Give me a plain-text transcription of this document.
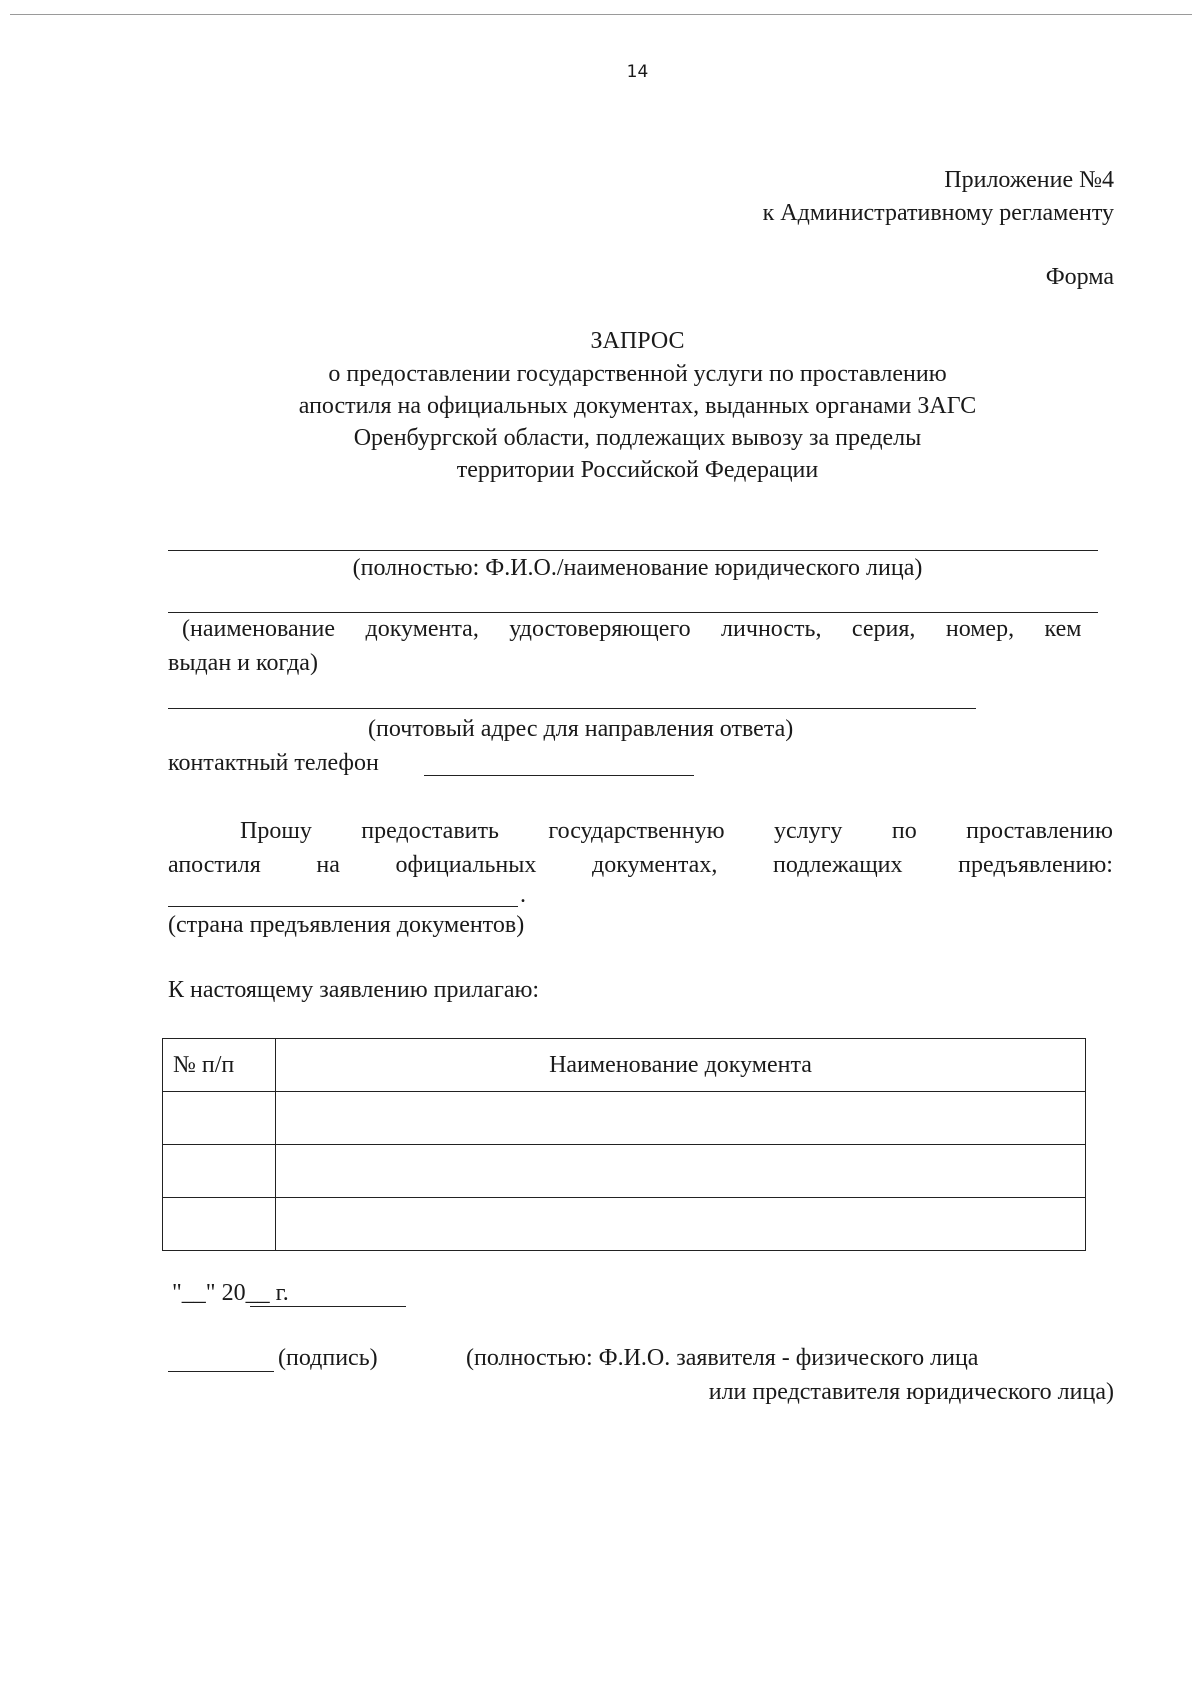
14
Приложение №4
к Административному регламенту
Форма
ЗАПРОС
о предоставлении государственной услуги по проставлению
апостиля на официальных документах, выданных органами ЗАГС
Оренбургской области, подлежащих вывозу за пределы
территории Российской Федерации
(полностью: Ф.И.О./наименование юридического лица)
(наименование документа, удостоверяющего личность, серия, номер, кем
выдан и когда)
(почтовый адрес для направления ответа)
контактный телефон
Прошу предоставить государственную услугу по проставлению
апостиля на официальных документах, подлежащих предъявлению:
.
(страна предъявления документов)
К настоящему заявлению прилагаю:
№ п/п	Наименование документа

"__" 20__ г.
(подпись)	(полностью: Ф.И.О. заявителя - физического лица
или представителя юридического лица)
